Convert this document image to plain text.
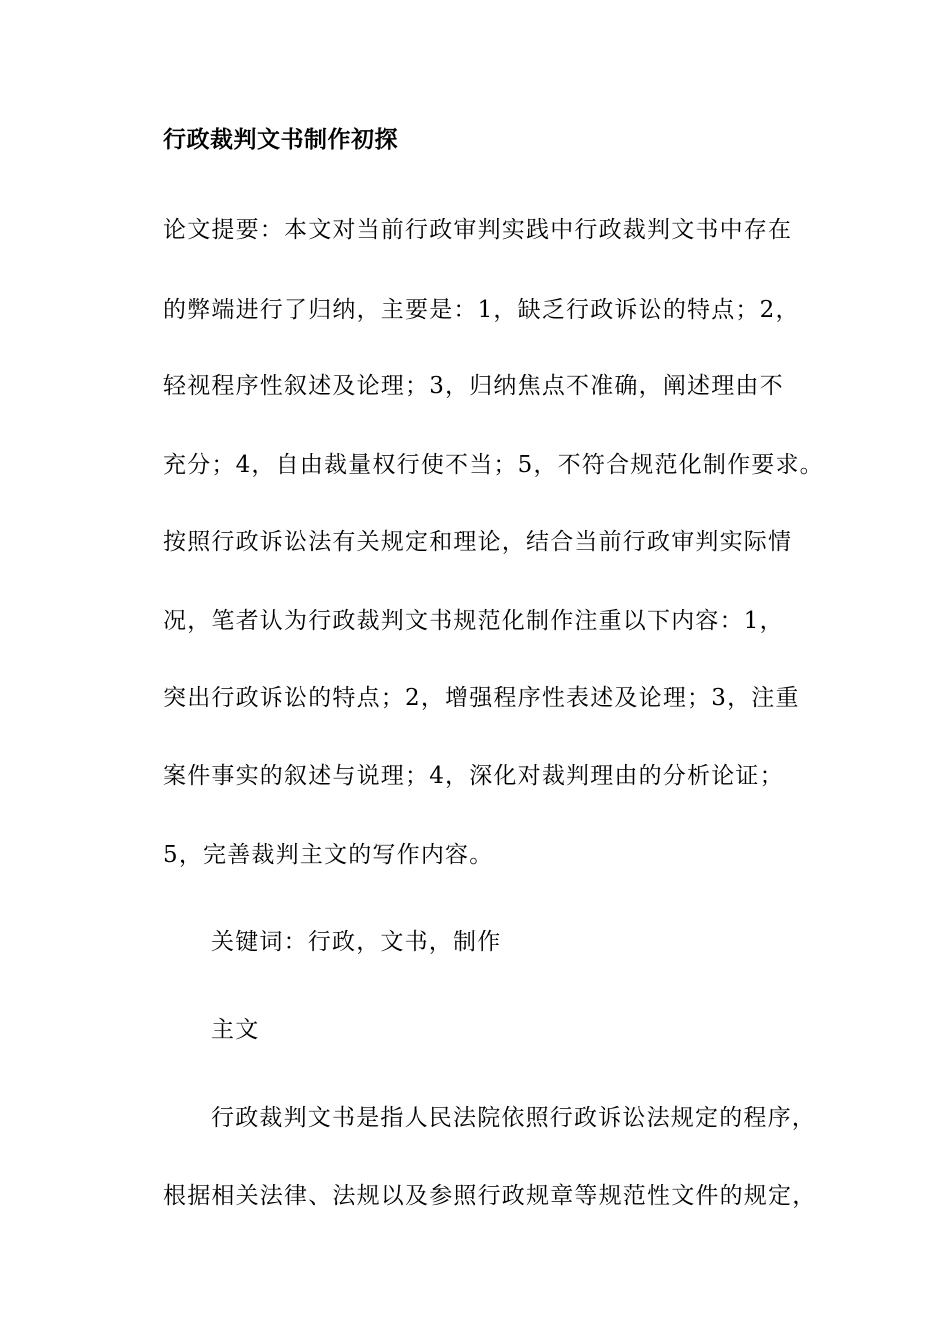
行政裁判文书制作初探
论文提要：本文对当前行政审判实践中行政裁判文书中存在
的弊端进行了归纳，主要是：1，缺乏行政诉讼的特点；2，
轻视程序性叙述及论理；3，归纳焦点不准确，阐述理由不
充分；4，自由裁量权行使不当；5，不符合规范化制作要求。
按照行政诉讼法有关规定和理论，结合当前行政审判实际情
况，笔者认为行政裁判文书规范化制作注重以下内容：1，
突出行政诉讼的特点；2，增强程序性表述及论理；3，注重
案件事实的叙述与说理；4，深化对裁判理由的分析论证；
5，完善裁判主文的写作内容。
关键词：行政，文书，制作
主文
行政裁判文书是指人民法院依照行政诉讼法规定的程序，
根据相关法律、法规以及参照行政规章等规范性文件的规定，
